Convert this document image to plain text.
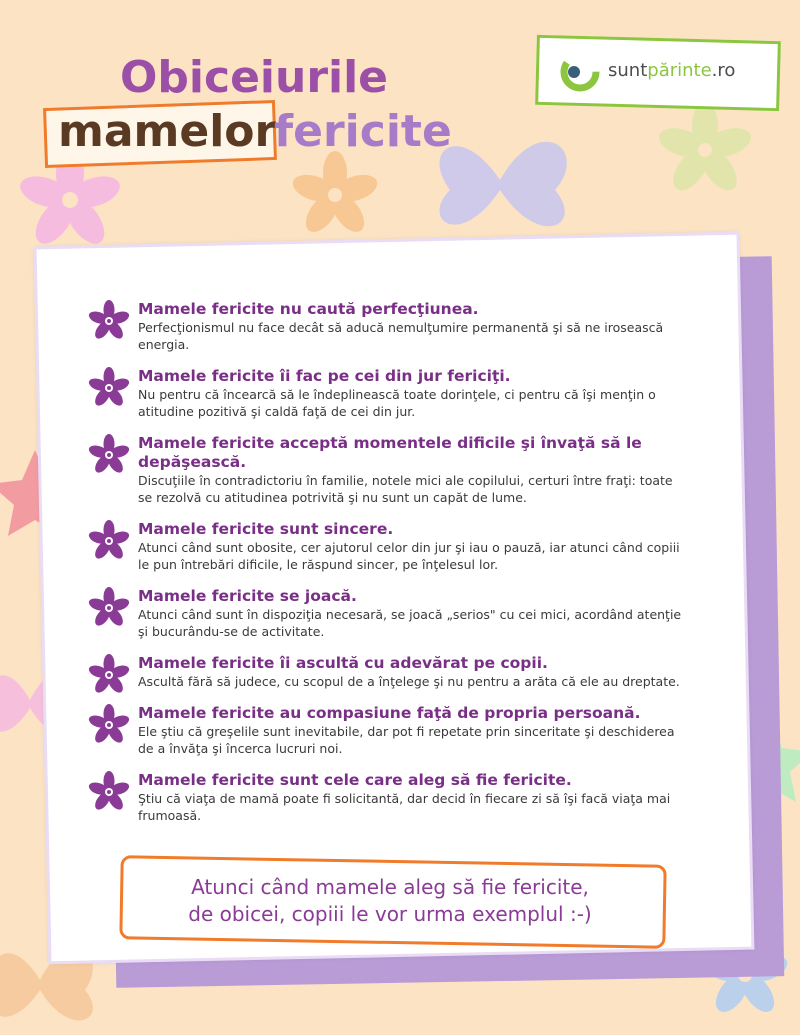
Obiceiurile
mamelor
fericite
suntpărinte.ro
Mamele fericite nu caută perfecţiunea.

Perfecţionismul nu face decât să aducă nemulţumire permanentă şi să ne irosească energia.

Mamele fericite îi fac pe cei din jur fericiţi.

Nu pentru că încearcă să le îndeplinească toate dorinţele, ci pentru că îşi menţin o atitudine pozitivă şi caldă faţă de cei din jur.

Mamele fericite acceptă momentele dificile şi învaţă să le depăşească.

Discuţiile în contradictoriu în familie, notele mici ale copilului, certuri între fraţi: toate se rezolvă cu atitudinea potrivită şi nu sunt un capăt de lume.

Mamele fericite sunt sincere.

Atunci când sunt obosite, cer ajutorul celor din jur şi iau o pauză, iar atunci când copiii le pun întrebări dificile, le răspund sincer, pe înţelesul lor.

Mamele fericite se joacă.

Atunci când sunt în dispoziţia necesară, se joacă „serios" cu cei mici, acordând atenţie şi bucurându-se de activitate.

Mamele fericite îi ascultă cu adevărat pe copii.

Ascultă fără să judece, cu scopul de a înţelege şi nu pentru a arăta că ele au dreptate.

Mamele fericite au compasiune faţă de propria persoană.

Ele ştiu că greşelile sunt inevitabile, dar pot fi repetate prin sinceritate şi deschiderea de a învăţa şi încerca lucruri noi.

Mamele fericite sunt cele care aleg să fie fericite.

Ştiu că viaţa de mamă poate fi solicitantă, dar decid în fiecare zi să îşi facă viaţa mai frumoasă.

Atunci când mamele aleg să fie fericite,
de obicei, copiii le vor urma exemplul :-)
